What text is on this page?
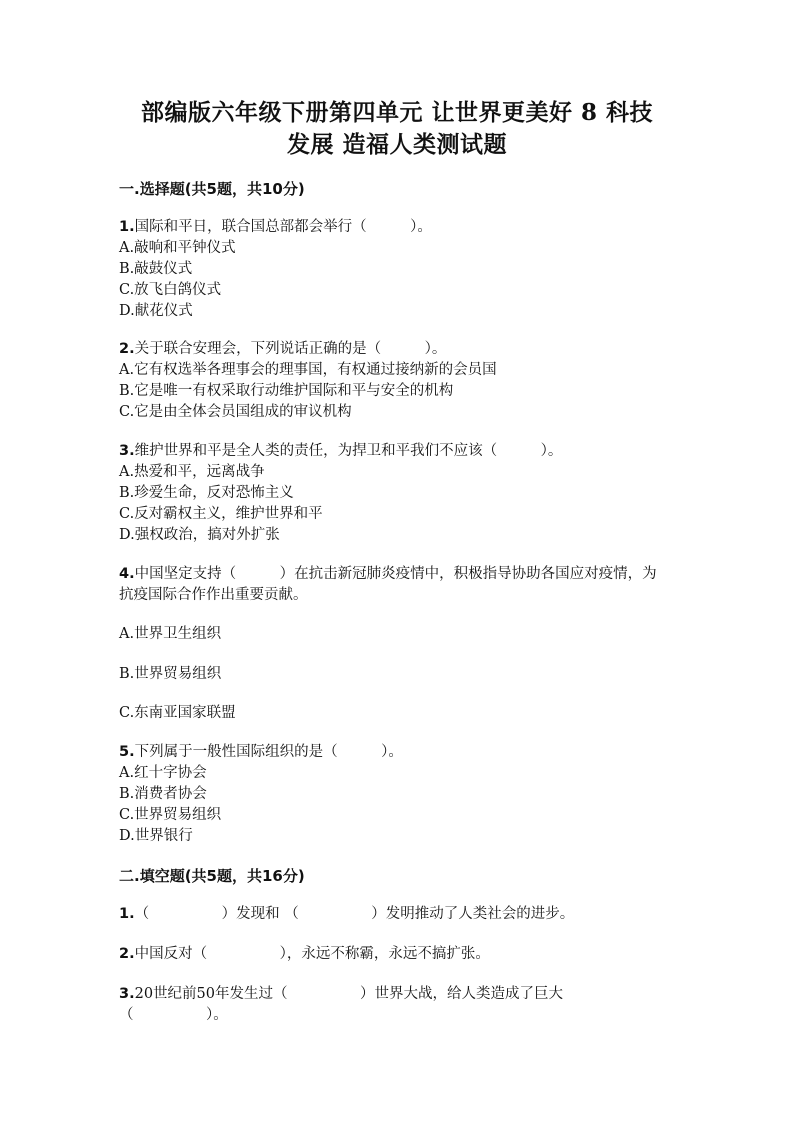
部编版六年级下册第四单元 让世界更美好 8 科技
发展 造福人类测试题
一.选择题(共5题，共10分)
1.国际和平日，联合国总部都会举行（　　　）。
A.敲响和平钟仪式
B.敲鼓仪式
C.放飞白鸽仪式
D.献花仪式
2.关于联合安理会，下列说话正确的是（　　　）。
A.它有权选举各理事会的理事国，有权通过接纳新的会员国
B.它是唯一有权采取行动维护国际和平与安全的机构
C.它是由全体会员国组成的审议机构
3.维护世界和平是全人类的责任，为捍卫和平我们不应该（　　　）。
A.热爱和平，远离战争
B.珍爱生命，反对恐怖主义
C.反对霸权主义，维护世界和平
D.强权政治，搞对外扩张
4.中国坚定支持（　　　）在抗击新冠肺炎疫情中，积极指导协助各国应对疫情，为抗疫国际合作作出重要贡献。
A.世界卫生组织
B.世界贸易组织
C.东南亚国家联盟
5.下列属于一般性国际组织的是（　　　）。
A.红十字协会
B.消费者协会
C.世界贸易组织
D.世界银行
二.填空题(共5题，共16分)
1.（　　　　　）发现和 （　　　　　）发明推动了人类社会的进步。
2.中国反对（　　　　　），永远不称霸，永远不搞扩张。
3.20世纪前50年发生过（　　　　　）世界大战，给人类造成了巨大（　　　　　）。
